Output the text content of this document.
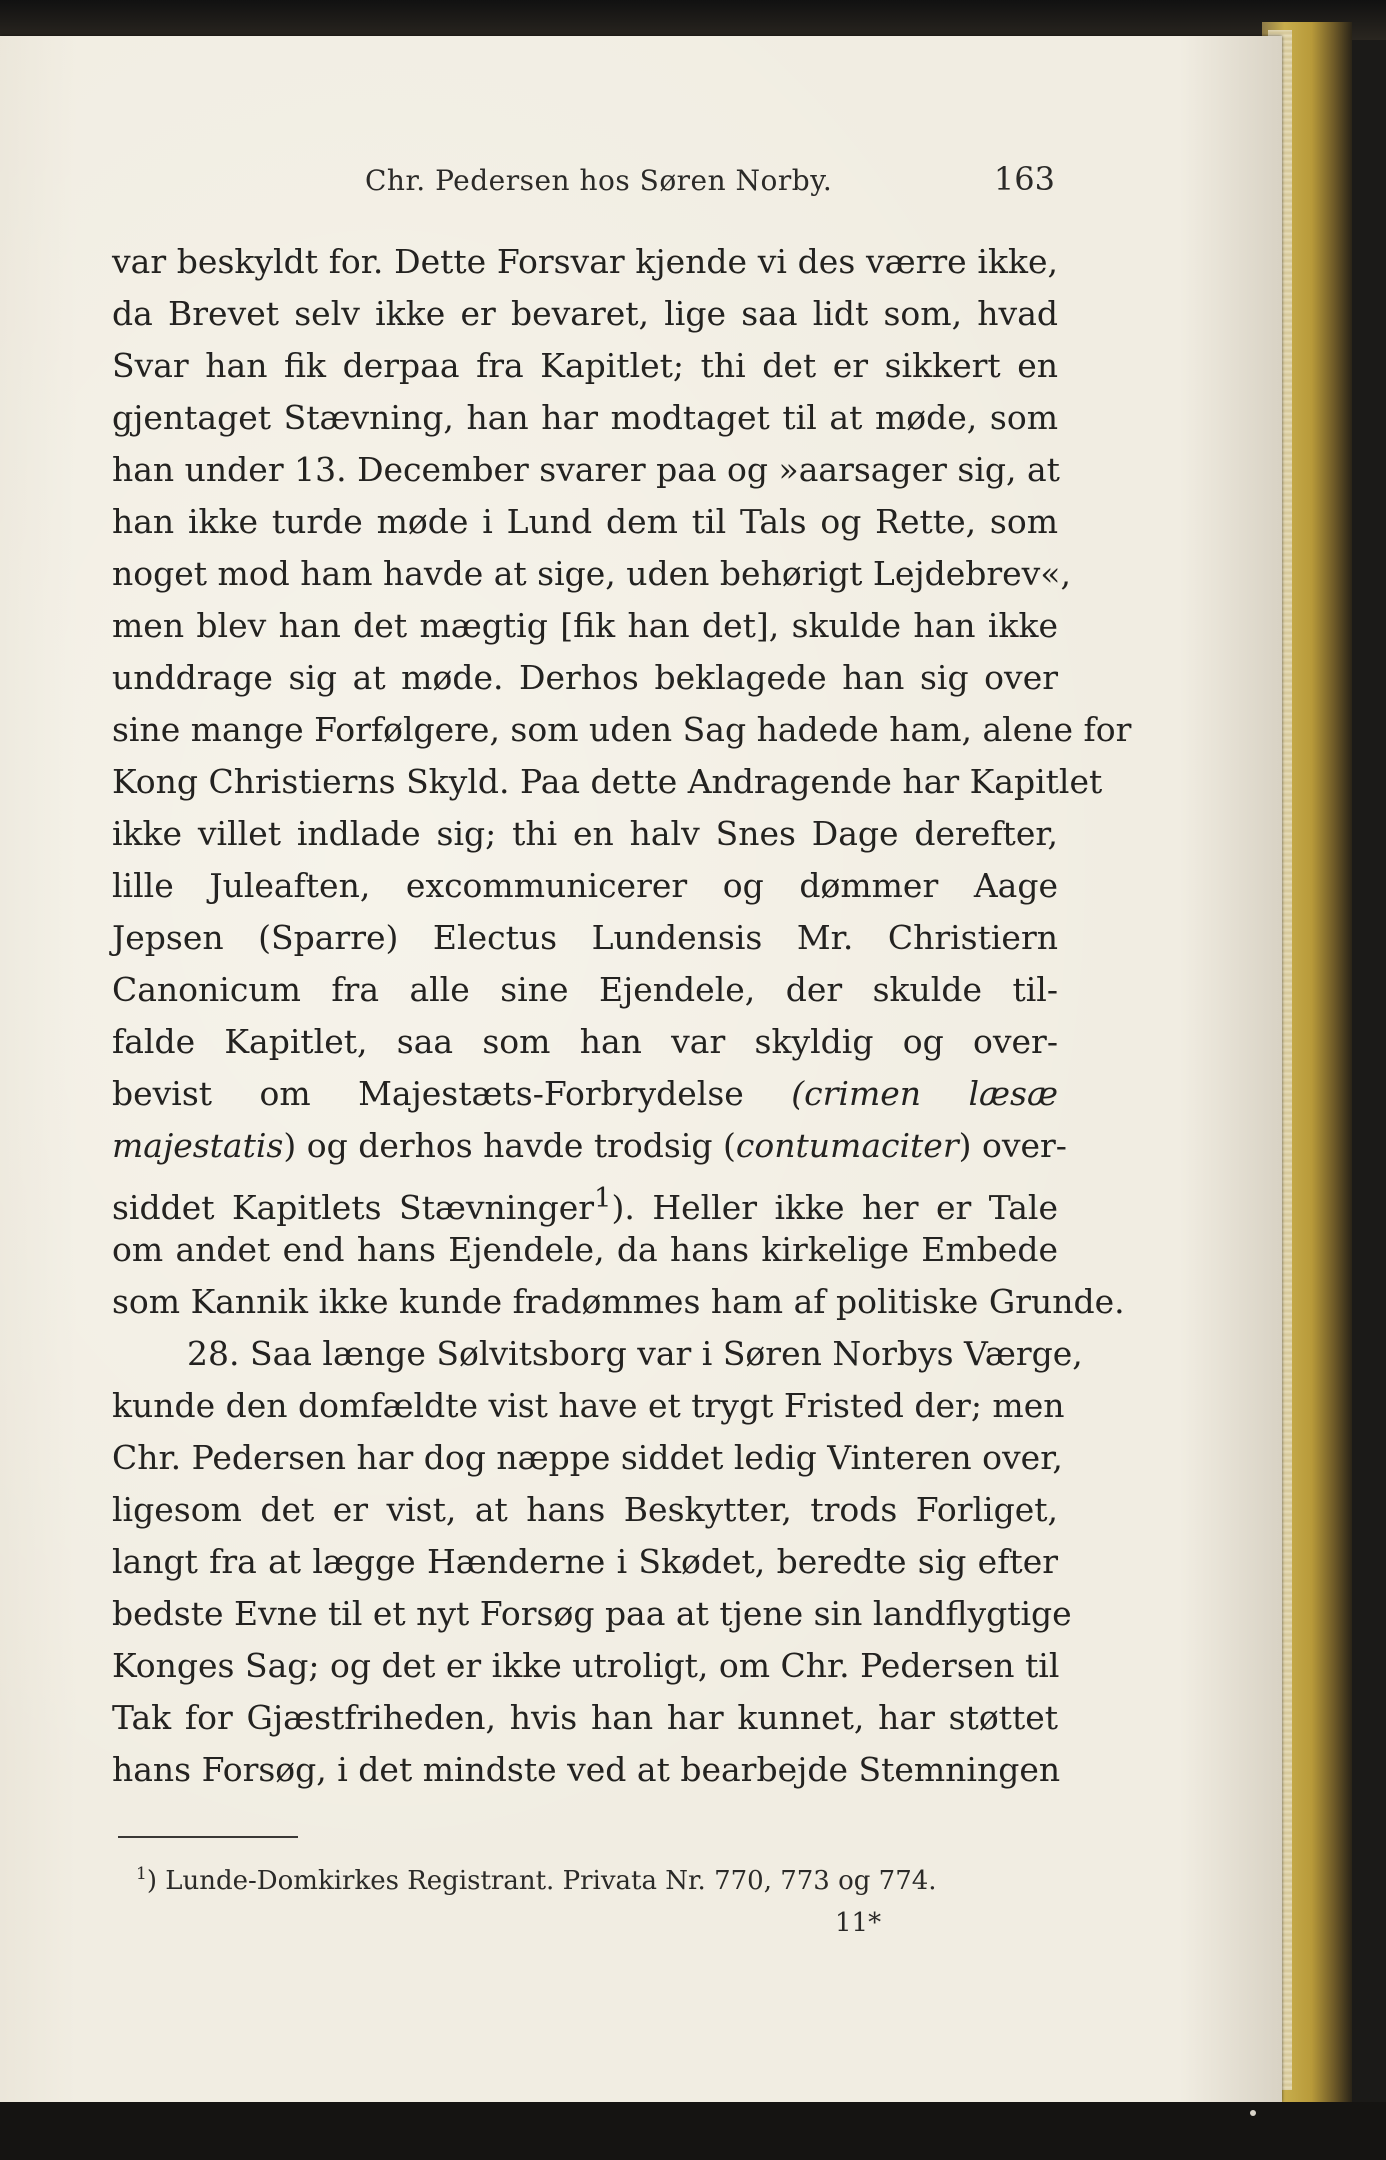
Chr. Pedersen hos Søren Norby.	163
var beskyldt for. Dette Forsvar kjende vi des værre ikke,
da Brevet selv ikke er bevaret, lige saa lidt som, hvad
Svar han fik derpaa fra Kapitlet; thi det er sikkert en
gjentaget Stævning, han har modtaget til at møde, som
han under 13. December svarer paa og »aarsager sig, at
han ikke turde møde i Lund dem til Tals og Rette, som
noget mod ham havde at sige, uden behørigt Lejdebrev«,
men blev han det mægtig [fik han det], skulde han ikke
unddrage sig at møde. Derhos beklagede han sig over
sine mange Forfølgere, som uden Sag hadede ham, alene for
Kong Christierns Skyld. Paa dette Andragende har Kapitlet
ikke villet indlade sig; thi en halv Snes Dage derefter,
lille Juleaften, excommunicerer og dømmer Aage
Jepsen (Sparre) Electus Lundensis Mr. Christiern
Canonicum fra alle sine Ejendele, der skulde til-
falde Kapitlet, saa som han var skyldig og over-
bevist om Majestæts-Forbrydelse (crimen læsæ
majestatis) og derhos havde trodsig (contumaciter) over-
siddet Kapitlets Stævninger$^1$). Heller ikke her er Tale
om andet end hans Ejendele, da hans kirkelige Embede
som Kannik ikke kunde fradømmes ham af politiske Grunde.
28. Saa længe Sølvitsborg var i Søren Norbys Værge,
kunde den domfældte vist have et trygt Fristed der; men
Chr. Pedersen har dog næppe siddet ledig Vinteren over,
ligesom det er vist, at hans Beskytter, trods Forliget,
langt fra at lægge Hænderne i Skødet, beredte sig efter
bedste Evne til et nyt Forsøg paa at tjene sin landflygtige
Konges Sag; og det er ikke utroligt, om Chr. Pedersen til
Tak for Gjæstfriheden, hvis han har kunnet, har støttet
hans Forsøg, i det mindste ved at bearbejde Stemningen
$^1$) Lunde-Domkirkes Registrant. Privata Nr. 770, 773 og 774.
11*
